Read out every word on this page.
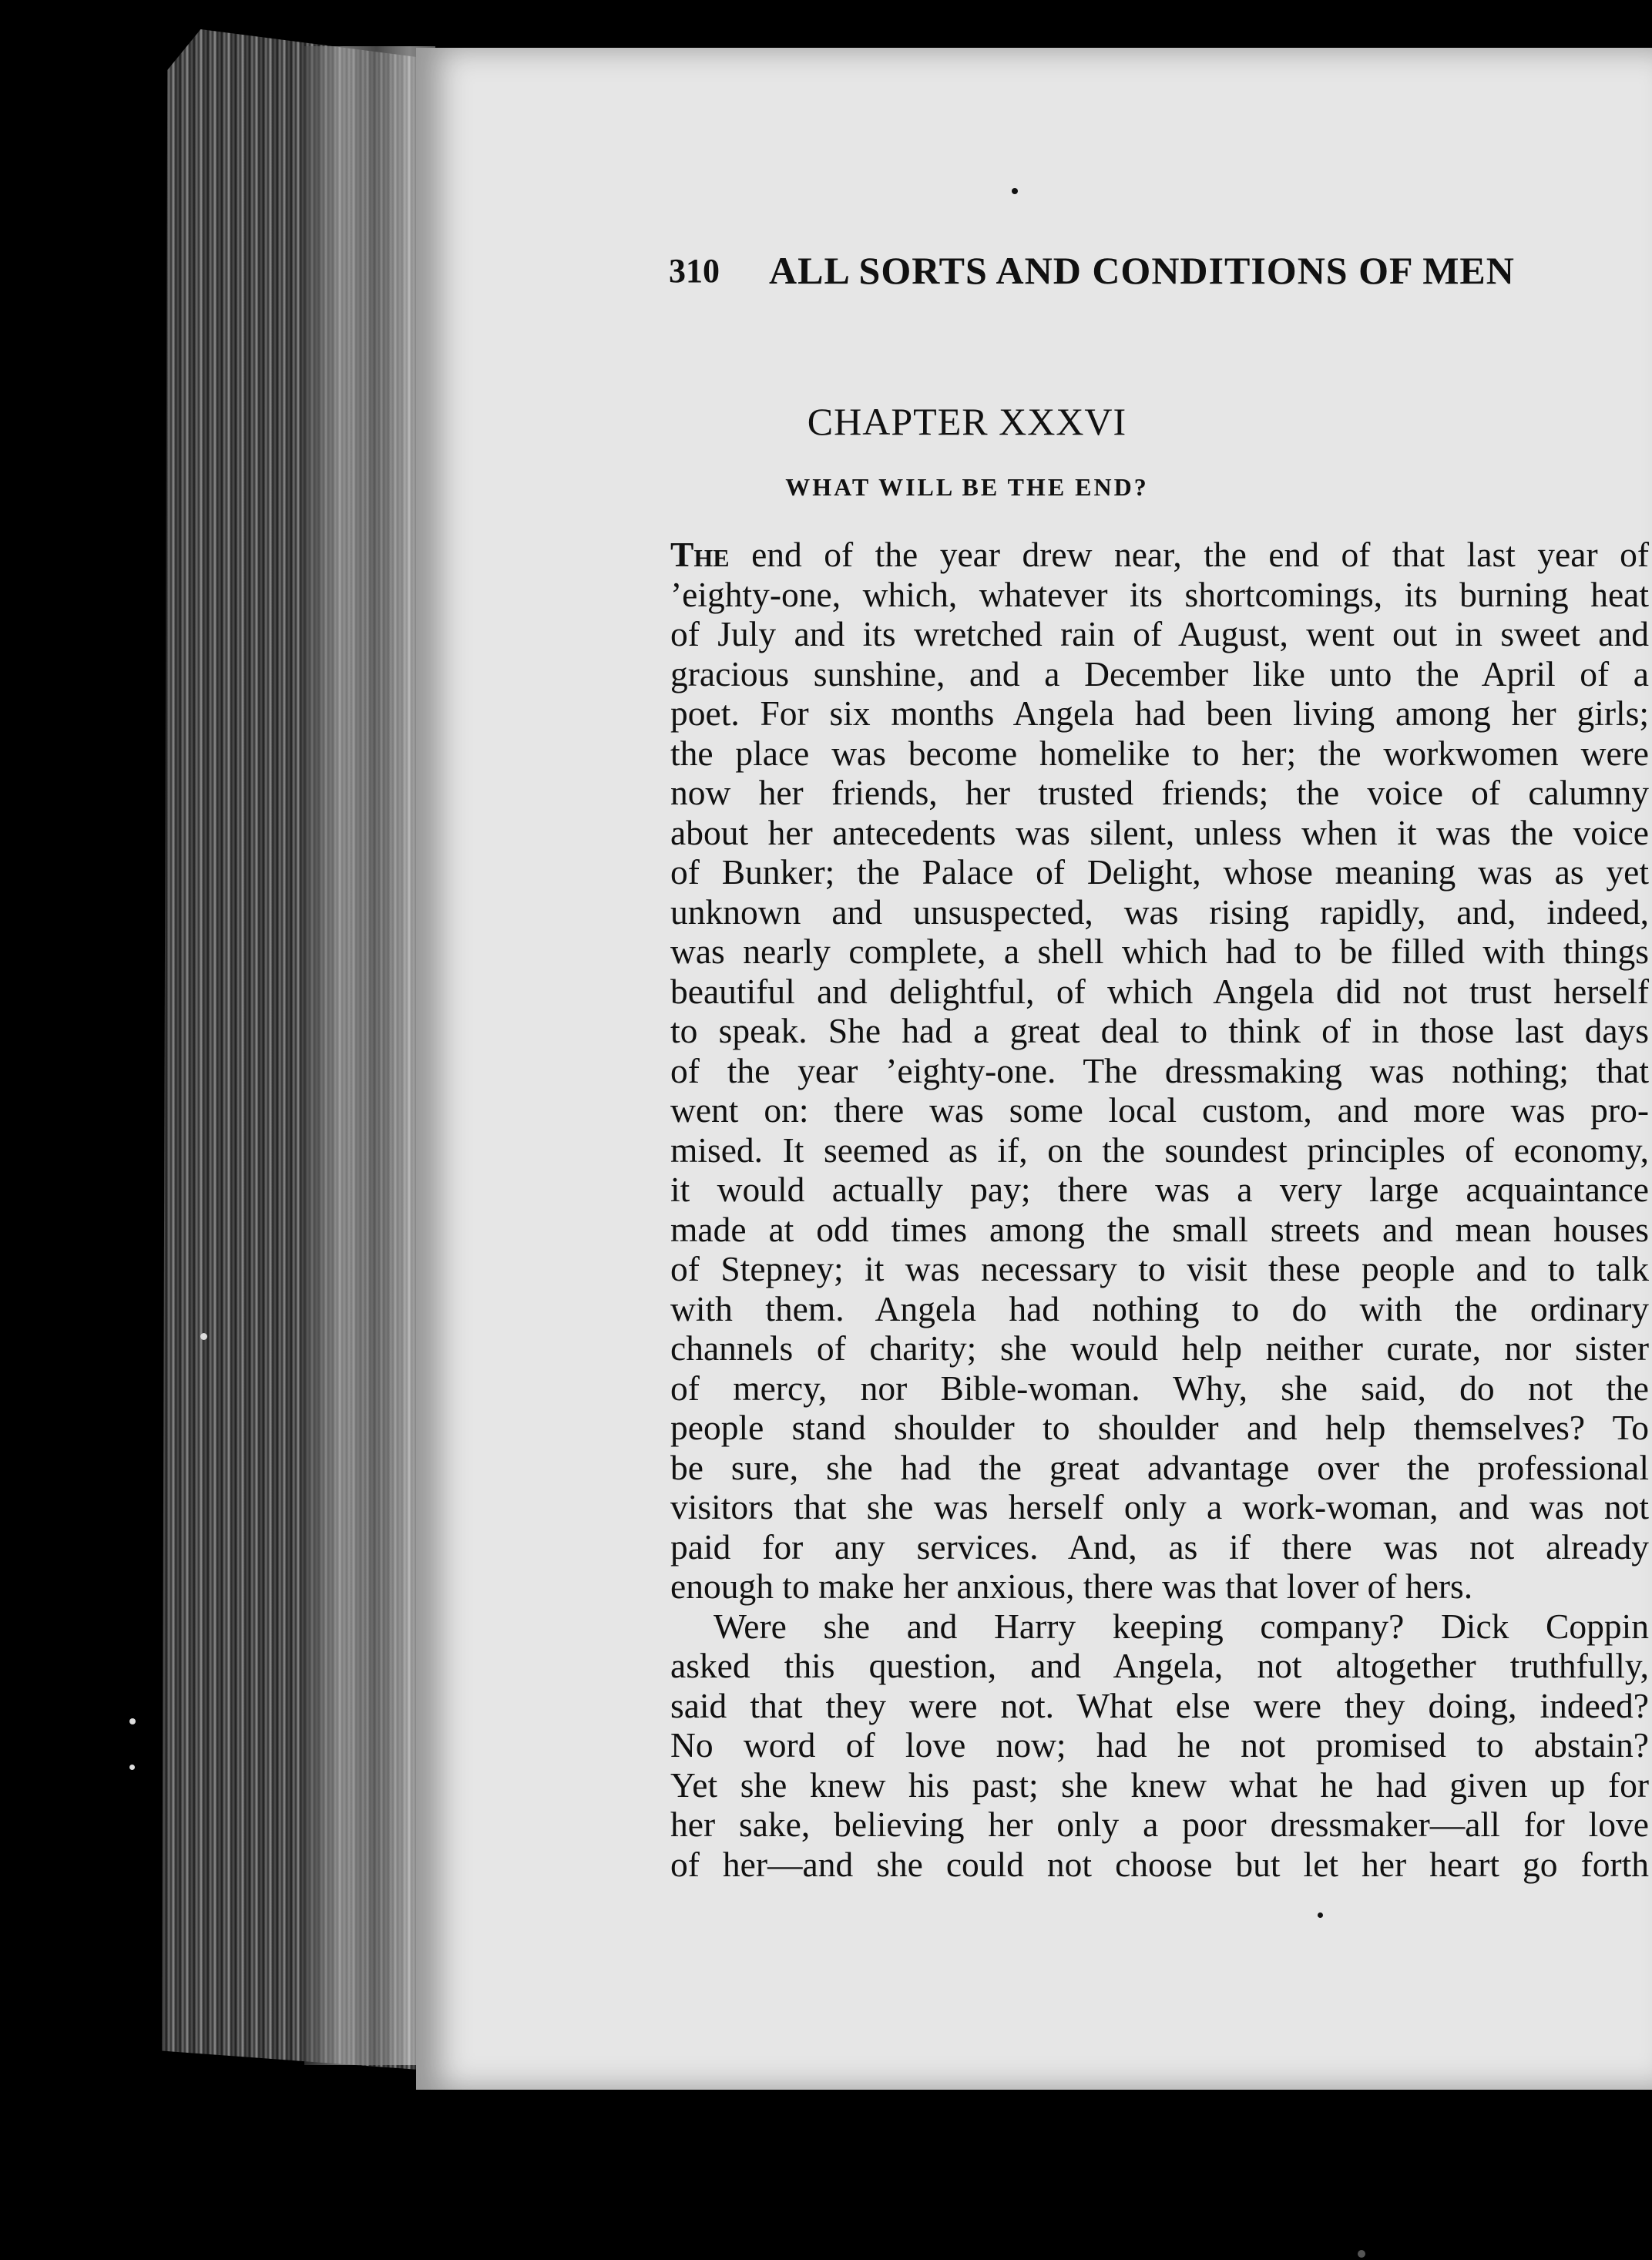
310 ALL SORTS AND CONDITIONS OF MEN
CHAPTER XXXVI
WHAT WILL BE THE END?
The end of the year drew near, the end of that last year of
’eighty-one, which, whatever its shortcomings, its burning heat
of July and its wretched rain of August, went out in sweet and
gracious sunshine, and a December like unto the April of a
poet. For six months Angela had been living among her girls;
the place was become homelike to her; the workwomen were
now her friends, her trusted friends; the voice of calumny
about her antecedents was silent, unless when it was the voice
of Bunker; the Palace of Delight, whose meaning was as yet
unknown and unsuspected, was rising rapidly, and, indeed,
was nearly complete, a shell which had to be filled with things
beautiful and delightful, of which Angela did not trust herself
to speak. She had a great deal to think of in those last days
of the year ’eighty-one. The dressmaking was nothing; that
went on: there was some local custom, and more was pro-
mised. It seemed as if, on the soundest principles of economy,
it would actually pay; there was a very large acquaintance
made at odd times among the small streets and mean houses
of Stepney; it was necessary to visit these people and to talk
with them. Angela had nothing to do with the ordinary
channels of charity; she would help neither curate, nor sister
of mercy, nor Bible-woman. Why, she said, do not the
people stand shoulder to shoulder and help themselves? To
be sure, she had the great advantage over the professional
visitors that she was herself only a work-woman, and was not
paid for any services. And, as if there was not already
enough to make her anxious, there was that lover of hers.
Were she and Harry keeping company? Dick Coppin
asked this question, and Angela, not altogether truthfully,
said that they were not. What else were they doing, indeed?
No word of love now; had he not promised to abstain?
Yet she knew his past; she knew what he had given up for
her sake, believing her only a poor dressmaker—all for love
of her—and she could not choose but let her heart go forth
